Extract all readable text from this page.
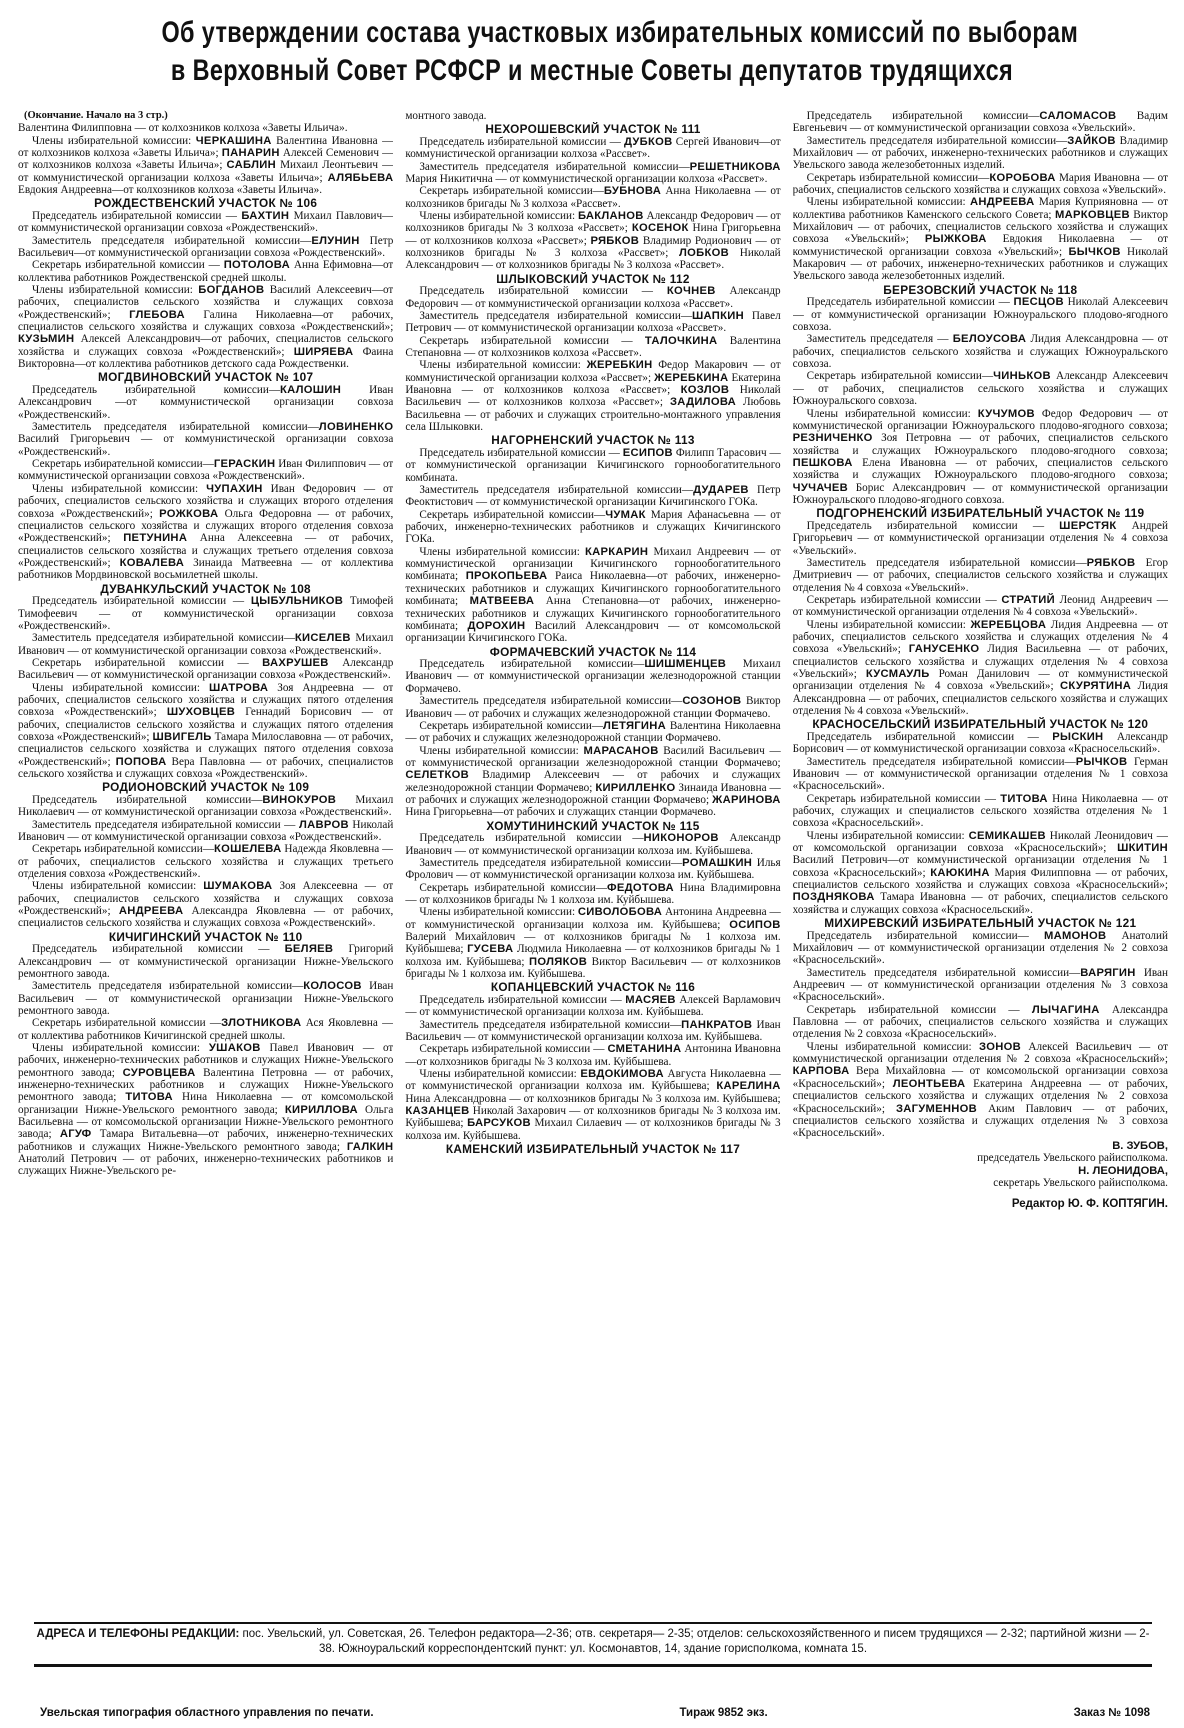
Об утверждении состава участковых избирательных комиссий по выборам
в Верховный Совет РСФСР и местные Советы депутатов трудящихся

(Окончание. Начало на 3 стр.)

Валентина Филипповна — от колхозников колхоза «Заветы Ильича».

Члены избирательной комиссии: ЧЕРКАШИНА Валентина Ивановна — от колхозников колхоза «Заветы Ильича»; ПАНАРИН Алексей Семенович — от колхозников колхоза «Заветы Ильича»; САБЛИН Михаил Леонтьевич — от коммунистической организации колхоза «Заветы Ильича»; АЛЯБЬЕВА Евдокия Андреевна—от колхозников колхоза «Заветы Ильича».

РОЖДЕСТВЕНСКИЙ УЧАСТОК № 106

Председатель избирательной комиссии — БАХТИН Михаил Павлович—от коммунистической организации совхоза «Рождественский».

Заместитель председателя избирательной комиссии—ЕЛУНИН Петр Васильевич—от коммунистической организации совхоза «Рождественский».

Секретарь избирательной комиссии — ПОТОЛОВА Анна Ефимовна—от коллектива работников Рождественской средней школы.

Члены избирательной комиссии: БОГДАНОВ Василий Алексеевич—от рабочих, специалистов сельского хозяйства и служащих совхоза «Рождественский»; ГЛЕБОВА Галина Николаевна—от рабочих, специалистов сельского хозяйства и служащих совхоза «Рождественский»; КУЗЬМИН Алексей Александрович—от рабочих, специалистов сельского хозяйства и служащих совхоза «Рождественский»; ШИРЯЕВА Фаина Викторовна—от коллектива работников детского сада Рождественки.

МОГДВИНОВСКИЙ УЧАСТОК № 107

Председатель избирательной комиссии—КАЛОШИН Иван Александрович —от коммунистической организации совхоза «Рождественский».

Заместитель председателя избирательной комиссии—ЛОВИНЕНКО Василий Григорьевич — от коммунистической организации совхоза «Рождественский».

Секретарь избирательной комиссии—ГЕРАСКИН Иван Филиппович — от коммунистической организации совхоза «Рождественский».

Члены избирательной комиссии: ЧУПАХИН Иван Федорович — от рабочих, специалистов сельского хозяйства и служащих второго отделения совхоза «Рождественский»; РОЖКОВА Ольга Федоровна — от рабочих, специалистов сельского хозяйства и служащих второго отделения совхоза «Рождественский»; ПЕТУНИНА Анна Алексеевна — от рабочих, специалистов сельского хозяйства и служащих третьего отделения совхоза «Рождественский»; КОВАЛЕВА Зинаида Матвеевна — от коллектива работников Мордвиновской восьмилетней школы.

ДУВАНКУЛЬСКИЙ УЧАСТОК № 108

Председатель избирательной комиссии — ЦЫБУЛЬНИКОВ Тимофей Тимофеевич — от коммунистической организации совхоза «Рождественский».

Заместитель председателя избирательной комиссии—КИСЕЛЕВ Михаил Иванович — от коммунистической организации совхоза «Рождественский».

Секретарь избирательной комиссии — ВАХРУШЕВ Александр Васильевич — от коммунистической организации совхоза «Рождественский».

Члены избирательной комиссии: ШАТРОВА Зоя Андреевна — от рабочих, специалистов сельского хозяйства и служащих пятого отделения совхоза «Рождественский»; ШУХОВЦЕВ Геннадий Борисович — от рабочих, специалистов сельского хозяйства и служащих пятого отделения совхоза «Рождественский»; ШВИГЕЛЬ Тамара Милославовна — от рабочих, специалистов сельского хозяйства и служащих пятого отделения совхоза «Рождественский»; ПОПОВА Вера Павловна — от рабочих, специалистов сельского хозяйства и служащих совхоза «Рождественский».

РОДИОНОВСКИЙ УЧАСТОК № 109

Председатель избирательной комиссии—ВИНОКУРОВ Михаил Николаевич — от коммунистической организации совхоза «Рождественский».

Заместитель председателя избирательной комиссии — ЛАВРОВ Николай Иванович — от коммунистической организации совхоза «Рождественский».

Секретарь избирательной комиссии—КОШЕЛЕВА Надежда Яковлевна — от рабочих, специалистов сельского хозяйства и служащих третьего отделения совхоза «Рождественский».

Члены избирательной комиссии: ШУМАКОВА Зоя Алексеевна — от рабочих, специалистов сельского хозяйства и служащих совхоза «Рождественский»; АНДРЕЕВА Александра Яковлевна — от рабочих, специалистов сельского хозяйства и служащих совхоза «Рождественский».

КИЧИГИНСКИЙ УЧАСТОК № 110

Председатель избирательной комиссии — БЕЛЯЕВ Григорий Александрович — от коммунистической организации Нижне-Увельского ремонтного завода.

Заместитель председателя избирательной комиссии—КОЛОСОВ Иван Васильевич — от коммунистической организации Нижне-Увельского ремонтного завода.

Секретарь избирательной комиссии —ЗЛОТНИКОВА Ася Яковлевна — от коллектива работников Кичигинской средней школы.

Члены избирательной комиссии: УШАКОВ Павел Иванович — от рабочих, инженерно-технических работников и служащих Нижне-Увельского ремонтного завода; СУРОВЦЕВА Валентина Петровна — от рабочих, инженерно-технических работников и служащих Нижне-Увельского ремонтного завода; ТИТОВА Нина Николаевна — от комсомольской организации Нижне-Увельского ремонтного завода; КИРИЛЛОВА Ольга Васильевна — от комсомольской организации Нижне-Увельского ремонтного завода; АГУФ Тамара Витальевна—от рабочих, инженерно-технических работников и служащих Нижне-Увельского ремонтного завода; ГАЛКИН Анатолий Петрович — от рабочих, инженерно-технических работников и служащих Нижне-Увельского ре-

монтного завода.

НЕХОРОШЕВСКИЙ УЧАСТОК № 111

Председатель избирательной комиссии — ДУБКОВ Сергей Иванович—от коммунистической организации колхоза «Рассвет».

Заместитель председателя избирательной комиссии—РЕШЕТНИКОВА Мария Никитична — от коммунистической организации колхоза «Рассвет».

Секретарь избирательной комиссии—БУБНОВА Анна Николаевна — от колхозников бригады № 3 колхоза «Рассвет».

Члены избирательной комиссии: БАКЛАНОВ Александр Федорович — от колхозников бригады № 3 колхоза «Рассвет»; КОСЕНОК Нина Григорьевна — от колхозников колхоза «Рассвет»; РЯБКОВ Владимир Родионович — от колхозников бригады № 3 колхоза «Рассвет»; ЛОБКОВ Николай Александрович — от колхозников бригады № 3 колхоза «Рассвет».

ШЛЫКОВСКИЙ УЧАСТОК № 112

Председатель избирательной комиссии — КОЧНЕВ Александр Федорович — от коммунистической организации колхоза «Рассвет».

Заместитель председателя избирательной комиссии—ШАПКИН Павел Петрович — от коммунистической организации колхоза «Рассвет».

Секретарь избирательной комиссии — ТАЛОЧКИНА Валентина Степановна — от колхозников колхоза «Рассвет».

Члены избирательной комиссии: ЖЕРЕБКИН Федор Макарович — от коммунистической организации колхоза «Рассвет»; ЖЕРЕБКИНА Екатерина Ивановна — от колхозников колхоза «Рассвет»; КОЗЛОВ Николай Васильевич — от колхозников колхоза «Рассвет»; ЗАДИЛОВА Любовь Васильевна — от рабочих и служащих строительно-монтажного управления села Шлыковки.

НАГОРНЕНСКИЙ УЧАСТОК № 113

Председатель избирательной комиссии — ЕСИПОВ Филипп Тарасович — от коммунистической организации Кичигинского горнообогатительного комбината.

Заместитель председателя избирательной комиссии—ДУДАРЕВ Петр Феоктистович — от коммунистической организации Кичигинского ГОКа.

Секретарь избирательной комиссии—ЧУМАК Мария Афанасьевна — от рабочих, инженерно-технических работников и служащих Кичигинского ГОКа.

Члены избирательной комиссии: КАРКАРИН Михаил Андреевич — от коммунистической организации Кичигинского горнообогатительного комбината; ПРОКОПЬЕВА Раиса Николаевна—от рабочих, инженерно-технических работников и служащих Кичигинского горнообогатительного комбината; МАТВЕЕВА Анна Степановна—от рабочих, инженерно-технических работников и служащих Кичигинского горнообогатительного комбината; ДОРОХИН Василий Александрович — от комсомольской организации Кичигинского ГОКа.

ФОРМАЧЕВСКИЙ УЧАСТОК № 114

Председатель избирательной комиссии—ШИШМЕНЦЕВ Михаил Иванович — от коммунистической организации железнодорожной станции Формачево.

Заместитель председателя избирательной комиссии—СОЗОНОВ Виктор Иванович — от рабочих и служащих железнодорожной станции Формачево.

Секретарь избирательной комиссии—ЛЕТЯГИНА Валентина Николаевна — от рабочих и служащих железнодорожной станции Формачево.

Члены избирательной комиссии: МАРАСАНОВ Василий Васильевич — от коммунистической организации железнодорожной станции Формачево; СЕЛЕТКОВ Владимир Алексеевич — от рабочих и служащих железнодорожной станции Формачево; КИРИЛЛЕНКО Зинаида Ивановна — от рабочих и служащих железнодорожной станции Формачево; ЖАРИНОВА Нина Григорьевна—от рабочих и служащих станции Формачево.

ХОМУТИНИНСКИЙ УЧАСТОК № 115

Председатель избирательной комиссии —НИКОНОРОВ Александр Иванович — от коммунистической организации колхоза им. Куйбышева.

Заместитель председателя избирательной комиссии—РОМАШКИН Илья Фролович — от коммунистической организации колхоза им. Куйбышева.

Секретарь избирательной комиссии—ФЕДОТОВА Нина Владимировна — от колхозников бригады № 1 колхоза им. Куйбышева.

Члены избирательной комиссии: СИВОЛОБОВА Антонина Андреевна — от коммунистической организации колхоза им. Куйбышева; ОСИПОВ Валерий Михайлович — от колхозников бригады № 1 колхоза им. Куйбышева; ГУСЕВА Людмила Николаевна — от колхозников бригады № 1 колхоза им. Куйбышева; ПОЛЯКОВ Виктор Васильевич — от колхозников бригады № 1 колхоза им. Куйбышева.

КОПАНЦЕВСКИЙ УЧАСТОК № 116

Председатель избирательной комиссии — МАСЯЕВ Алексей Варламович — от коммунистической организации колхоза им. Куйбышева.

Заместитель председателя избирательной комиссии—ПАНКРАТОВ Иван Васильевич — от коммунистической организации колхоза им. Куйбышева.

Секретарь избирательной комиссии — СМЕТАНИНА Антонина Ивановна—от колхозников бригады № 3 колхоза им. Куйбышева.

Члены избирательной комиссии: ЕВДОКИМОВА Августа Николаевна — от коммунистической организации колхоза им. Куйбышева; КАРЕЛИНА Нина Александровна — от колхозников бригады № 3 колхоза им. Куйбышева; КАЗАНЦЕВ Николай Захарович — от колхозников бригады № 3 колхоза им. Куйбышева; БАРСУКОВ Михаил Силаевич — от колхозников бригады № 3 колхоза им. Куйбышева.

КАМЕНСКИЙ ИЗБИРАТЕЛЬНЫЙ УЧАСТОК № 117

Председатель избирательной комиссии—САЛОМАСОВ Вадим Евгеньевич — от коммунистической организации совхоза «Увельский».

Заместитель председателя избирательной комиссии—ЗАЙКОВ Владимир Михайлович — от рабочих, инженерно-технических работников и служащих Увельского завода железобетонных изделий.

Секретарь избирательной комиссии—КОРОБОВА Мария Ивановна — от рабочих, специалистов сельского хозяйства и служащих совхоза «Увельский».

Члены избирательной комиссии: АНДРЕЕВА Мария Куприяновна — от коллектива работников Каменского сельского Совета; МАРКОВЦЕВ Виктор Михайлович — от рабочих, специалистов сельского хозяйства и служащих совхоза «Увельский»; РЫЖКОВА Евдокия Николаевна — от коммунистической организации совхоза «Увельский»; БЫЧКОВ Николай Макарович — от рабочих, инженерно-технических работников и служащих Увельского завода железобетонных изделий.

БЕРЕЗОВСКИЙ УЧАСТОК № 118

Председатель избирательной комиссии — ПЕСЦОВ Николай Алексеевич — от коммунистической организации Южноуральского плодово-ягодного совхоза.

Заместитель председателя — БЕЛОУСОВА Лидия Александровна — от рабочих, специалистов сельского хозяйства и служащих Южноуральского совхоза.

Секретарь избирательной комиссии—ЧИНЬКОВ Александр Алексеевич — от рабочих, специалистов сельского хозяйства и служащих Южноуральского совхоза.

Члены избирательной комиссии: КУЧУМОВ Федор Федорович — от коммунистической организации Южноуральского плодово-ягодного совхоза; РЕЗНИЧЕНКО Зоя Петровна — от рабочих, специалистов сельского хозяйства и служащих Южноуральского плодово-ягодного совхоза; ПЕШКОВА Елена Ивановна — от рабочих, специалистов сельского хозяйства и служащих Южноуральского плодово-ягодного совхоза; ЧУЧАЧЕВ Борис Александрович — от коммунистической организации Южноуральского плодово-ягодного совхоза.

ПОДГОРНЕНСКИЙ ИЗБИРАТЕЛЬНЫЙ УЧАСТОК № 119

Председатель избирательной комиссии — ШЕРСТЯК Андрей Григорьевич — от коммунистической организации отделения № 4 совхоза «Увельский».

Заместитель председателя избирательной комиссии—РЯБКОВ Егор Дмитриевич — от рабочих, специалистов сельского хозяйства и служащих отделения № 4 совхоза «Увельский».

Секретарь избирательной комиссии — СТРАТИЙ Леонид Андреевич — от коммунистической организации отделения № 4 совхоза «Увельский».

Члены избирательной комиссии: ЖЕРЕБЦОВА Лидия Андреевна — от рабочих, специалистов сельского хозяйства и служащих отделения № 4 совхоза «Увельский»; ГАНУСЕНКО Лидия Васильевна — от рабочих, специалистов сельского хозяйства и служащих отделения № 4 совхоза «Увельский»; КУСМАУЛЬ Роман Данилович — от коммунистической организации отделения № 4 совхоза «Увельский»; СКУРЯТИНА Лидия Александровна — от рабочих, специалистов сельского хозяйства и служащих отделения № 4 совхоза «Увельский».

КРАСНОСЕЛЬСКИЙ ИЗБИРАТЕЛЬНЫЙ УЧАСТОК № 120

Председатель избирательной комиссии — РЫСКИН Александр Борисович — от коммунистической организации совхоза «Красносельский».

Заместитель председателя избирательной комиссии—РЫЧКОВ Герман Иванович — от коммунистической организации отделения № 1 совхоза «Красносельский».

Секретарь избирательной комиссии — ТИТОВА Нина Николаевна — от рабочих, служащих и специалистов сельского хозяйства отделения № 1 совхоза «Красносельский».

Члены избирательной комиссии: СЕМИКАШЕВ Николай Леонидович — от комсомольской организации совхоза «Красносельский»; ШКИТИН Василий Петрович—от коммунистической организации отделения № 1 совхоза «Красносельский»; КАЮКИНА Мария Филипповна — от рабочих, специалистов сельского хозяйства и служащих совхоза «Красносельский»; ПОЗДНЯКОВА Тамара Ивановна — от рабочих, специалистов сельского хозяйства и служащих совхоза «Красносельский».

МИХИРЕВСКИЙ ИЗБИРАТЕЛЬНЫЙ УЧАСТОК № 121

Председатель избирательной комиссии— МАМОНОВ Анатолий Михайлович — от коммунистической организации отделения № 2 совхоза «Красносельский».

Заместитель председателя избирательной комиссии—ВАРЯГИН Иван Андреевич — от коммунистической организации отделения № 3 совхоза «Красносельский».

Секретарь избирательной комиссии — ЛЫЧАГИНА Александра Павловна — от рабочих, специалистов сельского хозяйства и служащих отделения № 2 совхоза «Красносельский».

Члены избирательной комиссии: ЗОНОВ Алексей Васильевич — от коммунистической организации отделения № 2 совхоза «Красносельский»; КАРПОВА Вера Михайловна — от комсомольской организации совхоза «Красносельский»; ЛЕОНТЬЕВА Екатерина Андреевна — от рабочих, специалистов сельского хозяйства и служащих отделения № 2 совхоза «Красносельский»; ЗАГУМЕННОВ Аким Павлович — от рабочих, специалистов сельского хозяйства и служащих отделения № 3 совхоза «Красносельский».

В. ЗУБОВ,
председатель Увельского райисполкома.
Н. ЛЕОНИДОВА,
секретарь Увельского райисполкома.
Редактор Ю. Ф. КОПТЯГИН.
АДРЕСА И ТЕЛЕФОНЫ РЕДАКЦИИ: пос. Увельский, ул. Советская, 26. Телефон редактора—2-36; отв. секретаря— 2-35; отделов: сельскохозяйственного и писем трудящихся — 2-32; партийной жизни — 2-38. Южноуральский корреспондентский пункт: ул. Космонавтов, 14, здание горисполкома, комната 15.
Увельская типография областного управления по печати.	Тираж 9852 экз.	Заказ № 1098
